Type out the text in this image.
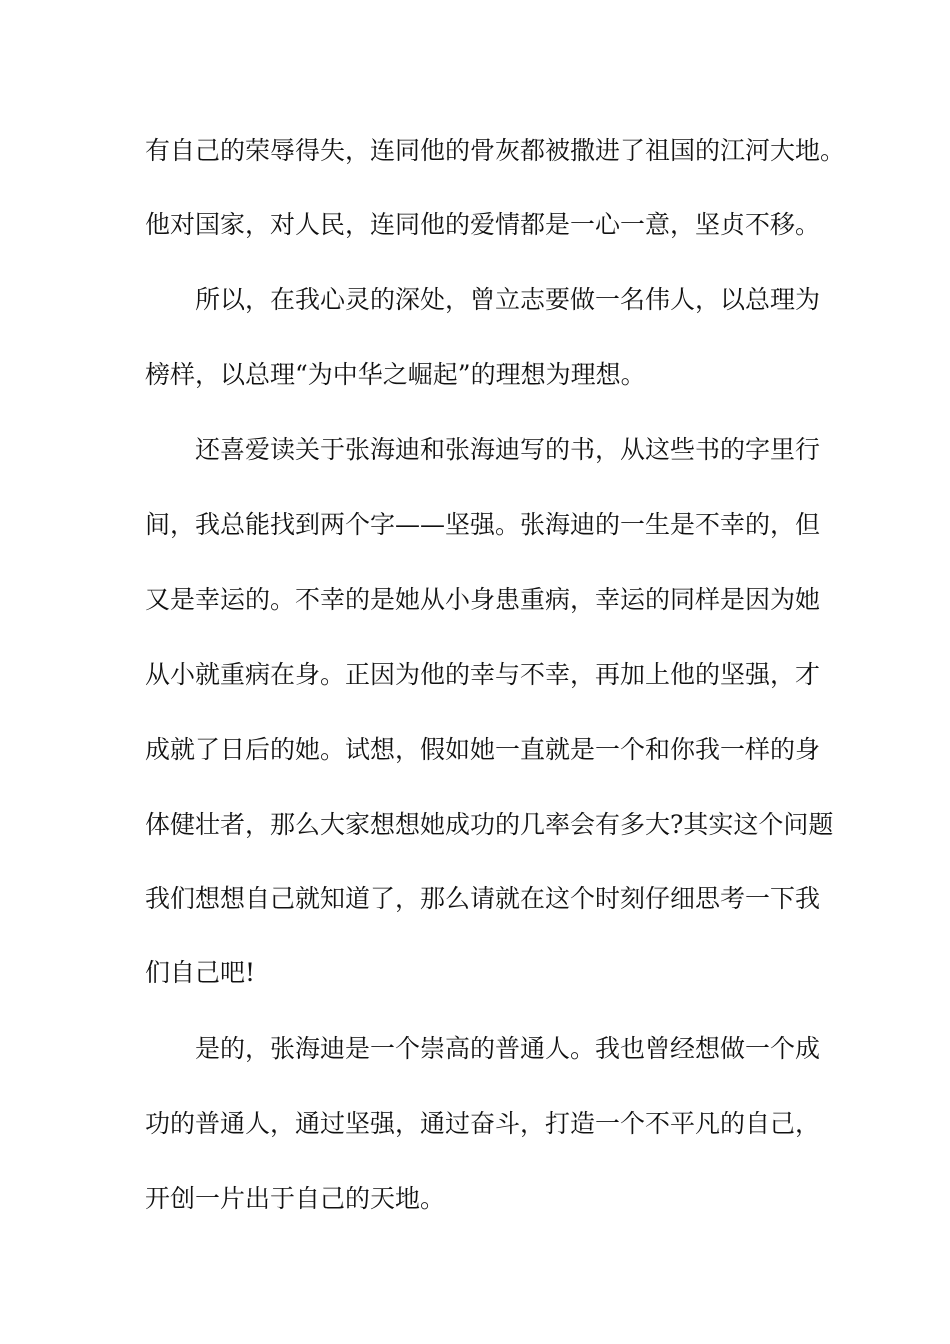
有自己的荣辱得失，连同他的骨灰都被撒进了祖国的江河大地。
他对国家，对人民，连同他的爱情都是一心一意，坚贞不移。
所以，在我心灵的深处，曾立志要做一名伟人，以总理为
榜样，以总理“为中华之崛起”的理想为理想。
还喜爱读关于张海迪和张海迪写的书，从这些书的字里行
间，我总能找到两个字——坚强。张海迪的一生是不幸的，但
又是幸运的。不幸的是她从小身患重病，幸运的同样是因为她
从小就重病在身。正因为他的幸与不幸，再加上他的坚强，才
成就了日后的她。试想，假如她一直就是一个和你我一样的身
体健壮者，那么大家想想她成功的几率会有多大?其实这个问题
我们想想自己就知道了，那么请就在这个时刻仔细思考一下我
们自己吧!
是的，张海迪是一个崇高的普通人。我也曾经想做一个成
功的普通人，通过坚强，通过奋斗，打造一个不平凡的自己，
开创一片出于自己的天地。
